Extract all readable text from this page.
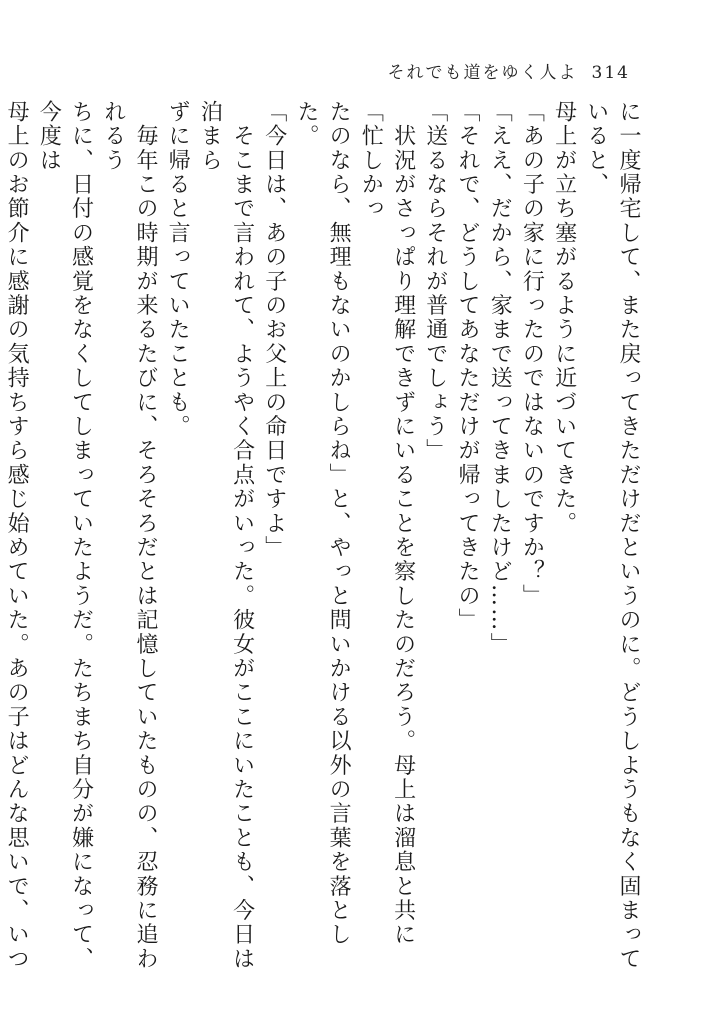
それでも道をゆく人よ 314

に一度帰宅して、また戻ってきただけだというのに。どうしようもなく固まっていると、

母上が立ち塞がるように近づいてきた。

「あの子の家に行ったのではないのですか？」

「ええ、だから、家まで送ってきましたけど……」

「それで、どうしてあなただけが帰ってきたの」

「送るならそれが普通でしょう」

　状況がさっぱり理解できずにいることを察したのだろう。母上は溜息と共に「忙しかっ
たのなら、無理もないのかしらね」と、やっと問いかける以外の言葉を落とした。

「今日は、あの子のお父上の命日ですよ」

　そこまで言われて、ようやく合点がいった。彼女がここにいたことも、今日は泊まら
ずに帰ると言っていたことも。

　毎年この時期が来るたびに、そろそろだとは記憶していたものの、忍務に追われるう
ちに、日付の感覚をなくしてしまっていたようだ。たちまち自分が嫌になって、今度は
母上のお節介に感謝の気持ちすら感じ始めていた。あの子はどんな思いで、いつ
